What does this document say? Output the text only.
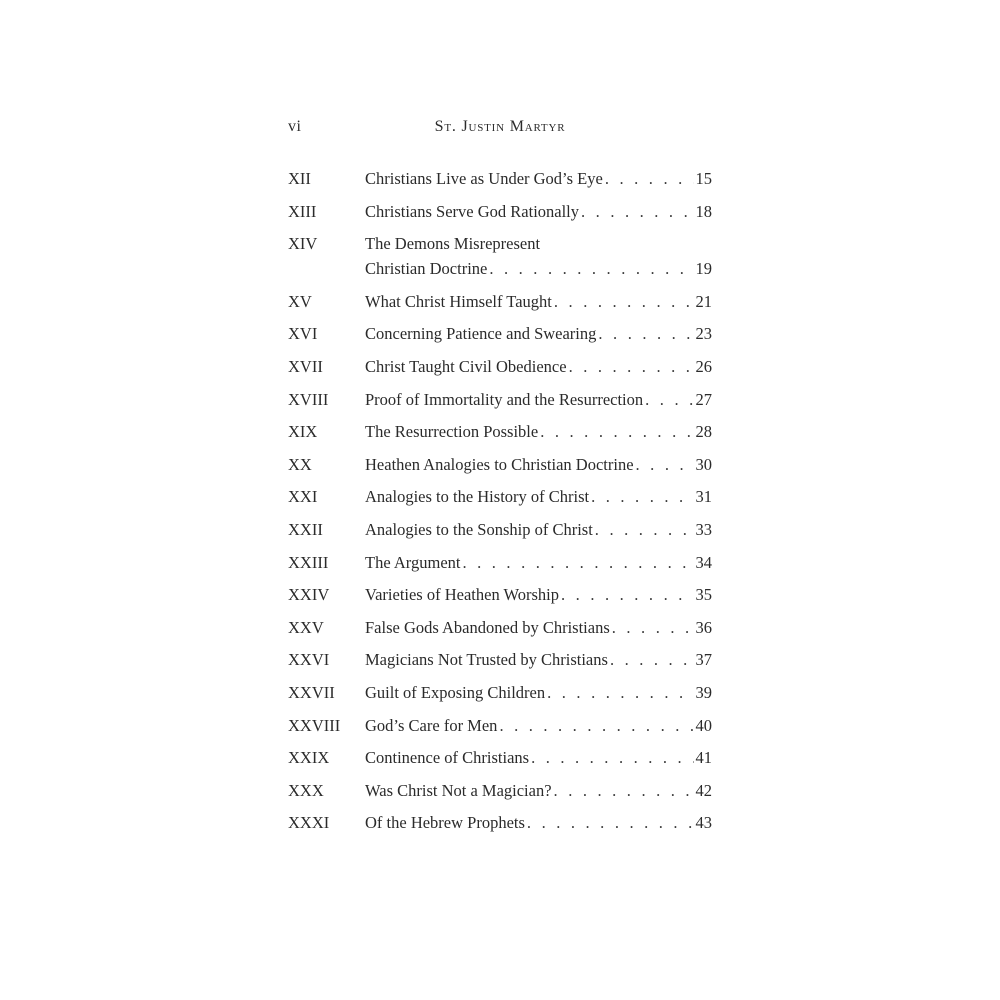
vi	St. Justin Martyr
XII	Christians Live as Under God’s Eye . . .	15
XIII	Christians Serve God Rationally . . .	18
XIV	The Demons Misrepresent
Christian Doctrine . . .	19
XV	What Christ Himself Taught . . .	21
XVI	Concerning Patience and Swearing . . .	23
XVII	Christ Taught Civil Obedience . . .	26
XVIII	Proof of Immortality and the Resurrection . . .	27
XIX	The Resurrection Possible . . .	28
XX	Heathen Analogies to Christian Doctrine . . .	30
XXI	Analogies to the History of Christ . . .	31
XXII	Analogies to the Sonship of Christ . . .	33
XXIII	The Argument . . .	34
XXIV	Varieties of Heathen Worship . . .	35
XXV	False Gods Abandoned by Christians . . .	36
XXVI	Magicians Not Trusted by Christians . . .	37
XXVII	Guilt of Exposing Children . . .	39
XXVIII	God’s Care for Men . . .	40
XXIX	Continence of Christians . . .	41
XXX	Was Christ Not a Magician? . . .	42
XXXI	Of the Hebrew Prophets . . .	43
